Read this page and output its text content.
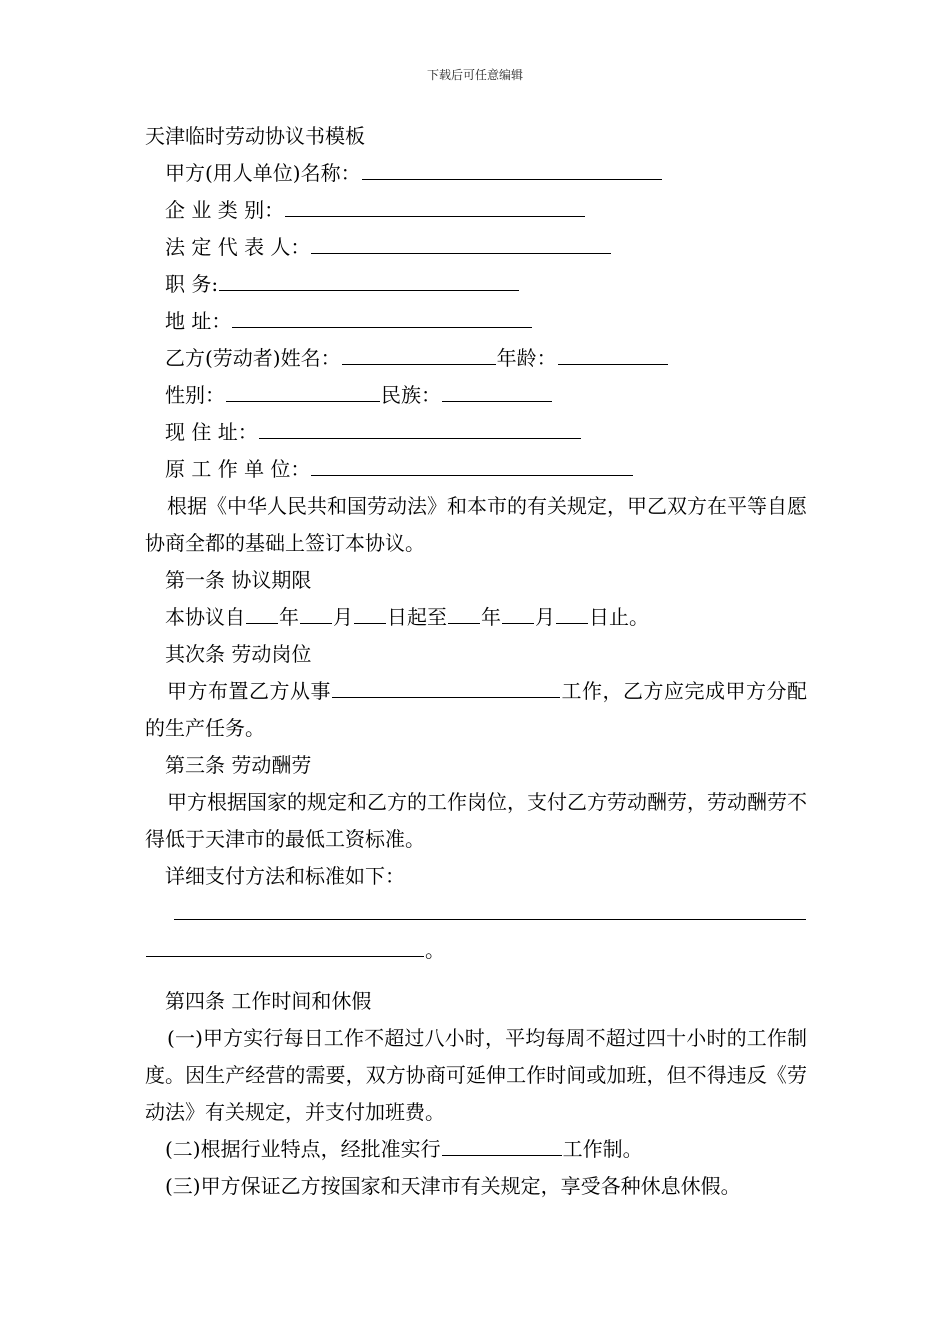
下载后可任意编辑
天津临时劳动协议书模板
甲方(用人单位)名称：
企 业 类 别：
法 定 代 表 人：
职 务:
地 址：
乙方(劳动者)姓名：	年龄：
性别：	民族：
现 住 址：
原 工 作 单 位：
根据《中华人民共和国劳动法》和本市的有关规定，甲乙双方在平等自愿协商全都的基础上签订本协议。
第一条 协议期限
本协议自 年 月 日起至 年 月 日止。
其次条 劳动岗位
甲方布置乙方从事	工作，乙方应完成甲方分配的生产任务。
第三条 劳动酬劳
甲方根据国家的规定和乙方的工作岗位，支付乙方劳动酬劳，劳动酬劳不得低于天津市的最低工资标准。
详细支付方法和标准如下：
。
第四条 工作时间和休假
(一)甲方实行每日工作不超过八小时，平均每周不超过四十小时的工作制度。因生产经营的需要，双方协商可延伸工作时间或加班，但不得违反《劳动法》有关规定，并支付加班费。
(二)根据行业特点，经批准实行	工作制。
(三)甲方保证乙方按国家和天津市有关规定，享受各种休息休假。
